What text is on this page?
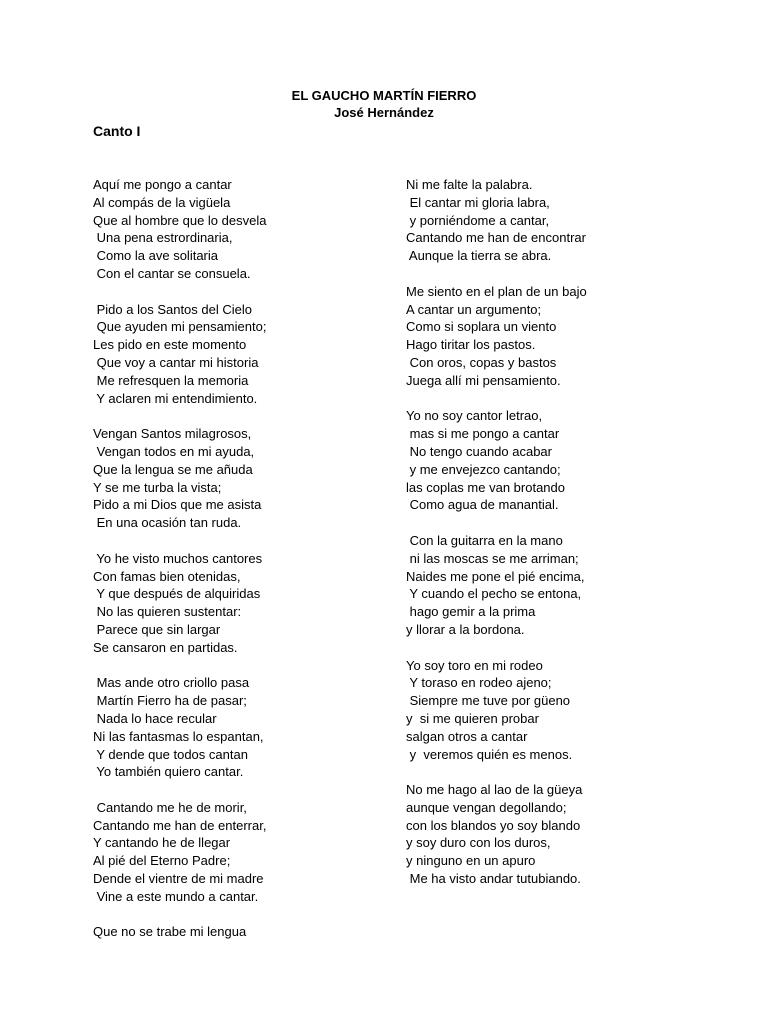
EL GAUCHO MARTÍN FIERRO
José Hernández
Canto I
Aquí me pongo a cantar
Al compás de la vigüela
Que al hombre que lo desvela
Una pena estrordinaria,
Como la ave solitaria
Con el cantar se consuela.
Pido a los Santos del Cielo
Que ayuden mi pensamiento;
Les pido en este momento
Que voy a cantar mi historia
Me refresquen la memoria
Y aclaren mi entendimiento.
Vengan Santos milagrosos,
Vengan todos en mi ayuda,
Que la lengua se me añuda
Y se me turba la vista;
Pido a mi Dios que me asista
En una ocasión tan ruda.
Yo he visto muchos cantores
Con famas bien otenidas,
Y que después de alquiridas
No las quieren sustentar:
Parece que sin largar
Se cansaron en partidas.
Mas ande otro criollo pasa
Martín Fierro ha de pasar;
Nada lo hace recular
Ni las fantasmas lo espantan,
Y dende que todos cantan
Yo también quiero cantar.
Cantando me he de morir,
Cantando me han de enterrar,
Y cantando he de llegar
Al pié del Eterno Padre;
Dende el vientre de mi madre
Vine a este mundo a cantar.
Que no se trabe mi lengua
Ni me falte la palabra.
El cantar mi gloria labra,
y porniéndome a cantar,
Cantando me han de encontrar
Aunque la tierra se abra.
Me siento en el plan de un bajo
A cantar un argumento;
Como si soplara un viento
Hago tiritar los pastos.
Con oros, copas y bastos
Juega allí mi pensamiento.
Yo no soy cantor letrao,
mas si me pongo a cantar
No tengo cuando acabar
y me envejezco cantando;
las coplas me van brotando
Como agua de manantial.
Con la guitarra en la mano
ni las moscas se me arriman;
Naides me pone el pié encima,
Y cuando el pecho se entona,
hago gemir a la prima
y llorar a la bordona.
Yo soy toro en mi rodeo
Y toraso en rodeo ajeno;
Siempre me tuve por güeno
y  si me quieren probar
salgan otros a cantar
y  veremos quién es menos.
No me hago al lao de la güeya
aunque vengan degollando;
con los blandos yo soy blando
y soy duro con los duros,
y ninguno en un apuro
Me ha visto andar tutubiando.
